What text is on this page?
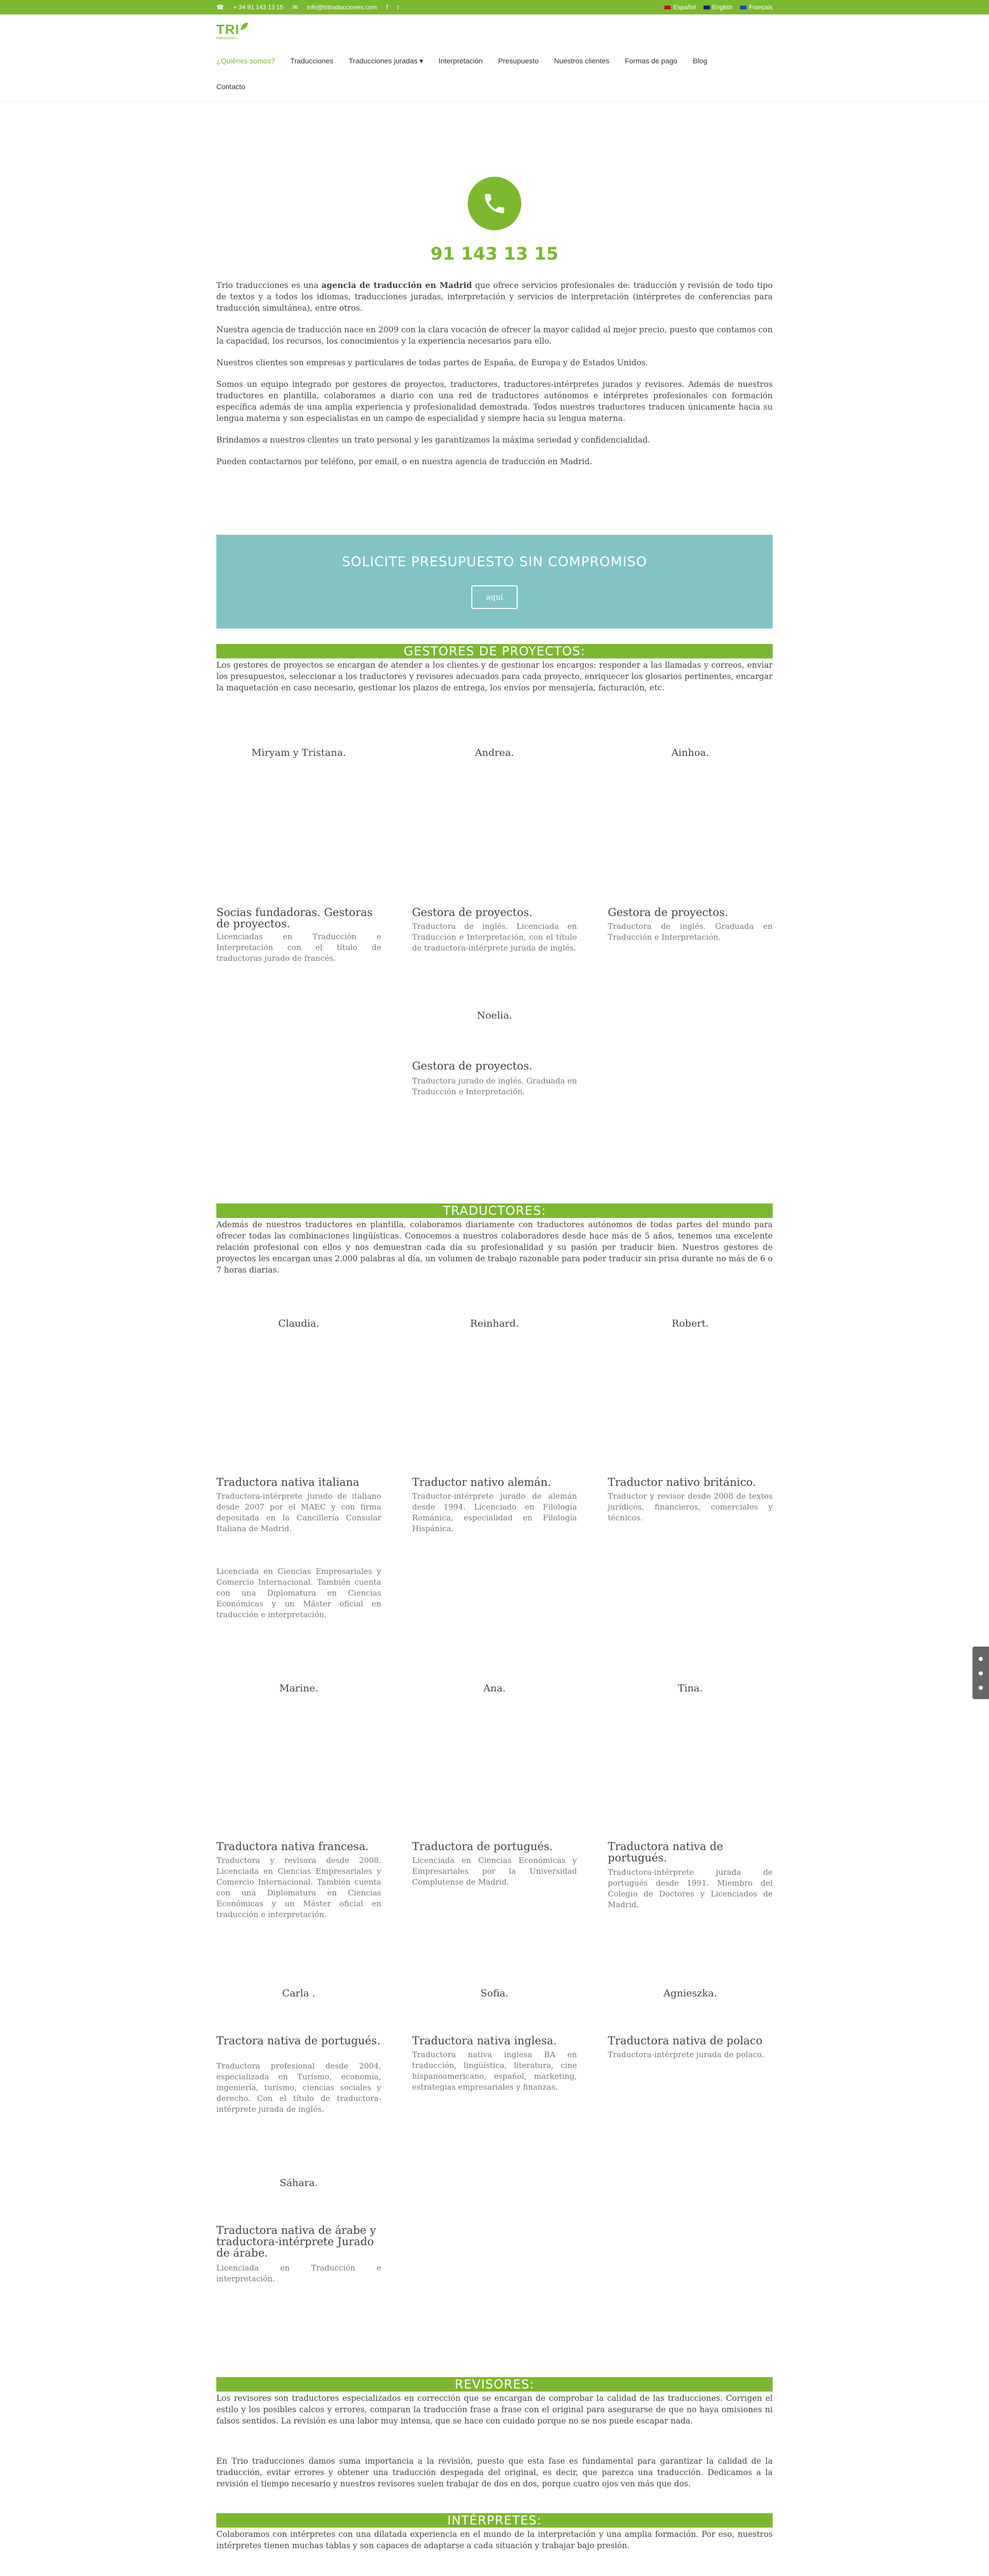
☎ + 34 91 143 13 15 ✉ info@tritraducciones.com f t	Español	English	Français
TRI
traducciones
¿Quiénes somos? Traducciones Traducciones juradas ▾ Interpretación Presupuesto Nuestros clientes Formas de pago Blog
Contacto
91 143 13 15

Trio traducciones es una agencia de traducción en Madrid que ofrece servicios profesionales de: traducción y revisión de todo tipo de textos y a todos los idiomas, traducciones juradas, interpretación y servicios de interpretación (intérpretes de conferencias para traducción simultánea), entre otros.

Nuestra agencia de traducción nace en 2009 con la clara vocación de ofrecer la mayor calidad al mejor precio, puesto que contamos con la capacidad, los recursos, los conocimientos y la experiencia necesarios para ello.

Nuestros clientes son empresas y particulares de todas partes de España, de Europa y de Estados Unidos.

Somos un equipo integrado por gestores de proyectos, traductores, traductores-intérpretes jurados y revisores. Además de nuestros traductores en plantilla, colaboramos a diario con una red de traductores autónomos e intérpretes profesionales con formación específica además de una amplia experiencia y profesionalidad demostrada. Todos nuestros traductores traducen únicamente hacia su lengua materna y son especialistas en un campo de especialidad y siempre hacia su lengua materna.

Brindamos a nuestros clientes un trato personal y les garantizamos la máxima seriedad y confidencialidad.

Pueden contactarnos por teléfono, por email, o en nuestra agencia de traducción en Madrid.

SOLICITE PRESUPUESTO SIN COMPROMISO
aquí
GESTORES DE PROYECTOS:
Los gestores de proyectos se encargan de atender a los clientes y de gestionar los encargos: responder a las llamadas y correos, enviar los presupuestos, seleccionar a los traductores y revisores adecuados para cada proyecto, enriquecer los glosarios pertinentes, encargar la maquetación en caso necesario, gestionar los plazos de entrega, los envíos por mensajería, facturación, etc.
Miryam y Tristana.	Andrea.	Ainhoa.
Socias fundadoras. Gestoras de proyectos.
Licenciadas en Traducción e Interpretación con el título de traductoras jurado de francés.
Gestora de proyectos.
Traductora de inglés. Licenciada en Traducción e Interpretación, con el título de traductora-intérprete jurada de inglés.
Gestora de proyectos.
Traductora de inglés. Graduada en Traducción e Interpretación.
Noelia.
Gestora de proyectos.
Traductora jurado de inglés. Graduada en Traducción e Interpretación.
TRADUCTORES:
Además de nuestros traductores en plantilla, colaboramos diariamente con traductores autónomos de todas partes del mundo para ofrecer todas las combinaciones lingüísticas. Conocemos a nuestros colaboradores desde hace más de 5 años, tenemos una excelente relación profesional con ellos y nos demuestran cada día su profesionalidad y su pasión por traducir bien. Nuestros gestores de proyectos les encargan unas 2.000 palabras al día, un volumen de trabajo razonable para poder traducir sin prisa durante no más de 6 o 7 horas diarias.
Claudia.	Reinhard.	Robert.
Traductora nativa italiana
Traductora-intérprete jurado de italiano desde 2007 por el MAEC y con firma depositada en la Cancillería Consular Italiana de Madrid.
Licenciada en Ciencias Empresariales y Comercio Internacional. También cuenta con una Diplomatura en Ciencias Económicas y un Máster oficial en traducción e interpretación.
Traductor nativo alemán.
Traductor-intérprete jurado de alemán desde 1994. Licenciado en Filología Románica, especialidad en Filología Hispánica.
Traductor nativo británico.
Traductor y revisor desde 2008 de textos jurídicos, financieros, comerciales y técnicos.
Marine.	Ana.	Tina.
Traductora nativa francesa.
Traductora y revisora desde 2008. Licenciada en Ciencias Empresariales y Comercio Internacional. También cuenta con una Diplomatura en Ciencias Económicas y un Máster oficial en traducción e interpretación.
Traductora de portugués.
Licenciada en Ciencias Económicas y Empresariales por la Universidad Complutense de Madrid.
Traductora nativa de portugués.
Traductora-intérprete jurada de portugués desde 1991. Miembro del Colegio de Doctores y Licenciados de Madrid.
Carla .	Sofia.	Agnieszka.
Tractora nativa de portugués.
Traductora profesional desde 2004, especializada en Turismo, economía, ingeniería, turismo, ciencias sociales y derecho. Con el título de traductora-intérprete jurada de inglés.
Traductora nativa inglesa.
Traductora nativa inglesa BA en traducción, lingüística, literatura, cine hispanoamericano, español, marketing, estrategias empresariales y finanzas.
Traductora nativa de polaco
Traductora-intérprete jurada de polaco.
Sáhara.
Traductora nativa de árabe y traductora-intérprete Jurado de árabe.
Licenciada en Traducción e interpretación.
REVISORES:
Los revisores son traductores especializados en corrección que se encargan de comprobar la calidad de las traducciones. Corrigen el estilo y los posibles calcos y errores, comparan la traducción frase a frase con el original para asegurarse de que no haya omisiones ni falsos sentidos. La revisión es una labor muy intensa, que se hace con cuidado porque no se nos puede escapar nada.
En Trio traducciones damos suma importancia a la revisión, puesto que esta fase es fundamental para garantizar la calidad de la traducción, evitar errores y obtener una traducción despegada del original, es decir, que parezca una traducción. Dedicamos a la revisión el tiempo necesario y nuestros revisores suelen trabajar de dos en dos, porque cuatro ojos ven más que dos.
INTÉRPRETES:
Colaboramos con intérpretes con una dilatada experiencia en el mundo de la interpretación y una amplia formación. Por eso, nuestros intérpretes tienen muchas tablas y son capaces de adaptarse a cada situación y trabajar bajo presión.
